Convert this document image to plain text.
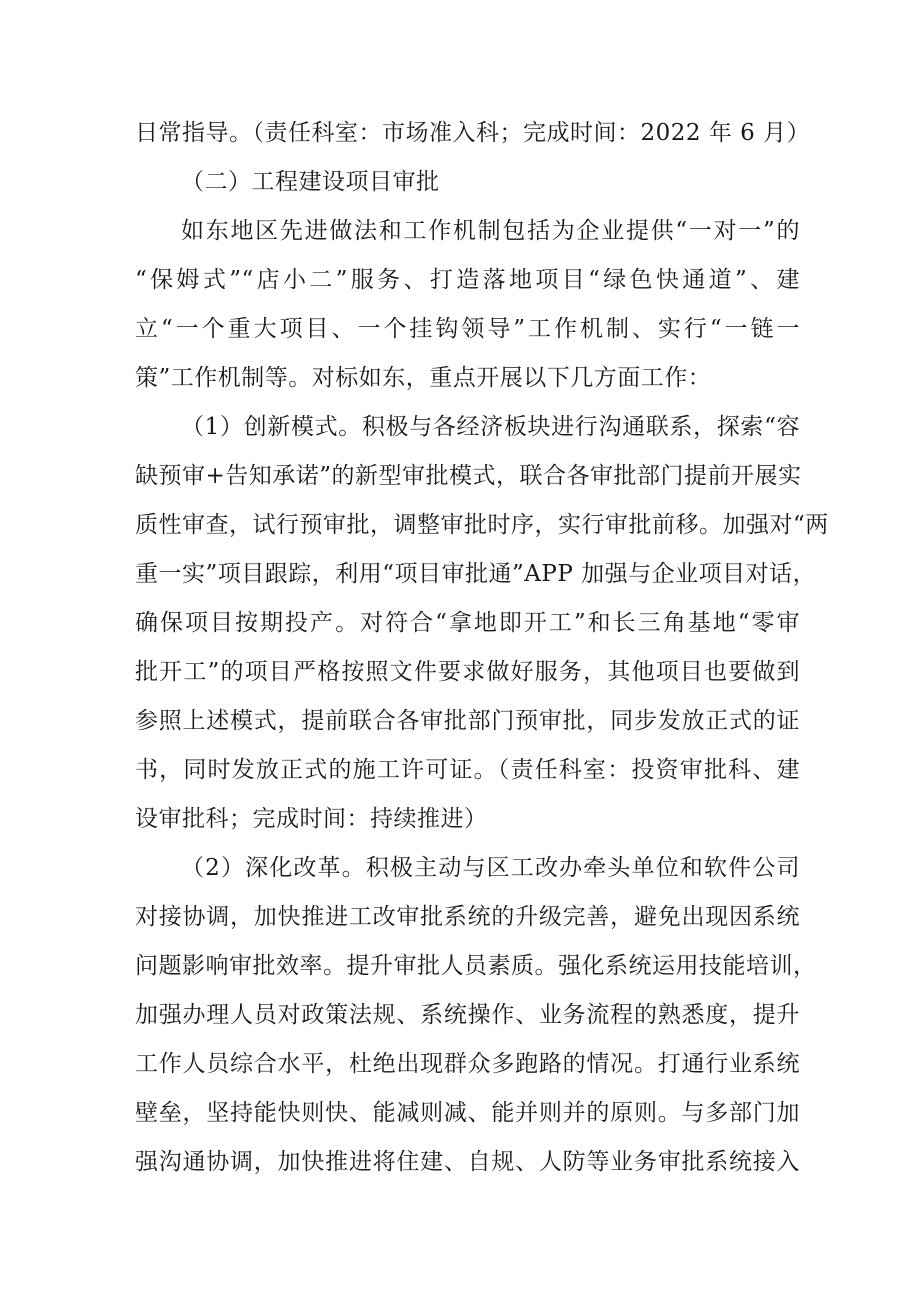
日常指导。（责任科室：市场准入科；完成时间：2022 年 6 月）
（二）工程建设项目审批
如东地区先进做法和工作机制包括为企业提供“一对一”的
“保姆式”“店小二”服务、打造落地项目“绿色快通道”、建
立“一个重大项目、一个挂钩领导”工作机制、实行“一链一
策”工作机制等。对标如东，重点开展以下几方面工作：
（1）创新模式。积极与各经济板块进行沟通联系，探索“容
缺预审+告知承诺”的新型审批模式，联合各审批部门提前开展实
质性审查，试行预审批，调整审批时序，实行审批前移。加强对“两
重一实”项目跟踪，利用“项目审批通”APP 加强与企业项目对话，
确保项目按期投产。对符合“拿地即开工”和长三角基地“零审
批开工”的项目严格按照文件要求做好服务，其他项目也要做到
参照上述模式，提前联合各审批部门预审批，同步发放正式的证
书，同时发放正式的施工许可证。（责任科室：投资审批科、建
设审批科；完成时间：持续推进）
（2）深化改革。积极主动与区工改办牵头单位和软件公司
对接协调，加快推进工改审批系统的升级完善，避免出现因系统
问题影响审批效率。提升审批人员素质。强化系统运用技能培训，
加强办理人员对政策法规、系统操作、业务流程的熟悉度，提升
工作人员综合水平，杜绝出现群众多跑路的情况。打通行业系统
壁垒，坚持能快则快、能减则减、能并则并的原则。与多部门加
强沟通协调，加快推进将住建、自规、人防等业务审批系统接入
